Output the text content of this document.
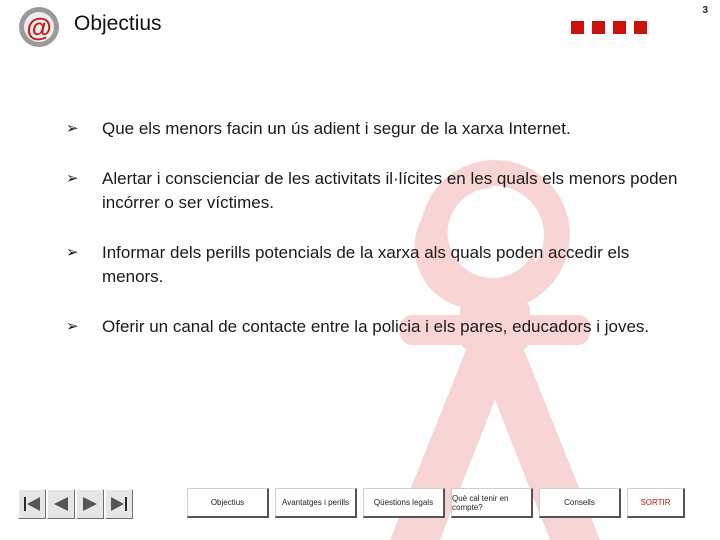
@ Objectius
3
➢	Que els menors facin un ús adient i segur de la xarxa Internet.
➢	Alertar i conscienciar de les activitats il·lícites en les quals els menors poden incórrer o ser víctimes.
➢	Informar dels perills potencials de la xarxa als quals poden accedir els menors.
➢	Oferir un canal de contacte entre la policia i els pares, educadors i joves.
Objectius	Avantatges i perills	Qüestions legals	Què cal tenir en compte?	Consells	SORTIR
